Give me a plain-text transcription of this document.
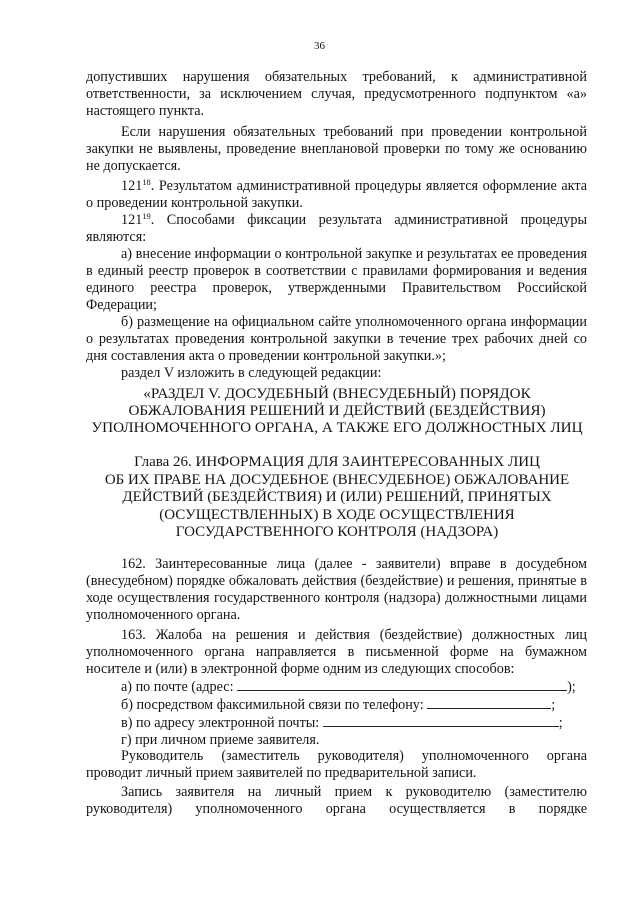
36

допустивших нарушения обязательных требований, к административной ответственности, за исключением случая, предусмотренного подпунктом «а» настоящего пункта.

Если нарушения обязательных требований при проведении контрольной закупки не выявлены, проведение внеплановой проверки по тому же основанию не допускается.

$121^{18}$. Результатом административной процедуры является оформление акта о проведении контрольной закупки.

$121^{19}$. Способами фиксации результата административной процедуры являются:

а) внесение информации о контрольной закупке и результатах ее проведения в единый реестр проверок в соответствии с правилами формирования и ведения единого реестра проверок, утвержденными Правительством Российской Федерации;

б) размещение на официальном сайте уполномоченного органа информации о результатах проведения контрольной закупки в течение трех рабочих дней со дня составления акта о проведении контрольной закупки.»;

раздел V изложить в следующей редакции:

«РАЗДЕЛ V. ДОСУДЕБНЫЙ (ВНЕСУДЕБНЫЙ) ПОРЯДОК

ОБЖАЛОВАНИЯ РЕШЕНИЙ И ДЕЙСТВИЙ (БЕЗДЕЙСТВИЯ)

УПОЛНОМОЧЕННОГО ОРГАНА, А ТАКЖЕ ЕГО ДОЛЖНОСТНЫХ ЛИЦ

Глава 26. ИНФОРМАЦИЯ ДЛЯ ЗАИНТЕРЕСОВАННЫХ ЛИЦ

ОБ ИХ ПРАВЕ НА ДОСУДЕБНОЕ (ВНЕСУДЕБНОЕ) ОБЖАЛОВАНИЕ

ДЕЙСТВИЙ (БЕЗДЕЙСТВИЯ) И (ИЛИ) РЕШЕНИЙ, ПРИНЯТЫХ

(ОСУЩЕСТВЛЕННЫХ) В ХОДЕ ОСУЩЕСТВЛЕНИЯ

ГОСУДАРСТВЕННОГО КОНТРОЛЯ (НАДЗОРА)

162. Заинтересованные лица (далее - заявители) вправе в досудебном (внесудебном) порядке обжаловать действия (бездействие) и решения, принятые в ходе осуществления государственного контроля (надзора) должностными лицами уполномоченного органа.

163. Жалоба на решения и действия (бездействие) должностных лиц уполномоченного органа направляется в письменной форме на бумажном носителе и (или) в электронной форме одним из следующих способов:

а) по почте (адрес:	);

б) посредством факсимильной связи по телефону:	;

в) по адресу электронной почты:	;

г) при личном приеме заявителя.

Руководитель (заместитель руководителя) уполномоченного органа проводит личный прием заявителей по предварительной записи.

Запись заявителя на личный прием к руководителю (заместителю руководителя) уполномоченного органа осуществляется в порядке
